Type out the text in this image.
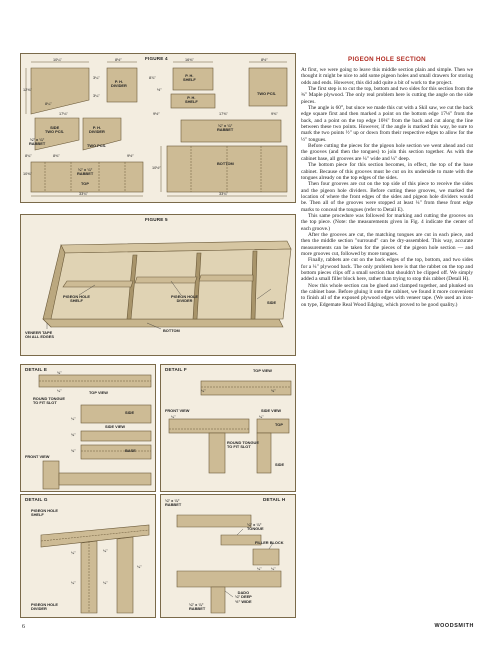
FIGURE 4
10¼"	8½"	16⅜"	8½"
12⅜"
3¼"
8¼"
3¼"
8⅞"
½"
17⅛"	9½"	17⅝"	9⅝"
8¾"	8⅜"	9½"
10⅜"
10½"
33¾"	33¾"
P. H.
DIVIDER
P. H.
SHELF
P. H.
SHELF
TWO PCS.
SIDE
TWO PCS.
P. H.
DIVIDER
TWO PCS.
¼" x ¼"
RABBET
¼" x ¼"
RABBET
¼" x ¼"
RABBET
TOP
BOTTOM
FIGURE 5
PIGEON HOLE
SHELF
PIGEON HOLE
DIVIDER	SIDE
BOTTOM
VENEER TAPE
ON ALL EDGES
DETAIL E
TOP VIEW
ROUND TONGUE
TO FIT SLOT
SIDE
SIDE VIEW
BASE
FRONT VIEW
¾"
¼"
¼"
¾"
¾"
DETAIL F	TOP VIEW
FRONT VIEW	SIDE VIEW
TOP
ROUND TONGUE
TO FIT SLOT
SIDE
¼"
¼"	¼"
¾"
DETAIL G
PIGEON HOLE
SHELF
PIGEON HOLE
DIVIDER
¼"	¼"
¼"	¼"
¼"
DETAIL H
¼" x ¼"
RABBET
¼" x ¼"
TONGUE
FILLER BLOCK
DADO
¼" DEEP
½" WIDE
¼" x ¼"
RABBET
¼" ¼"
PIGEON HOLE SECTION

At first, we were going to leave this middle section plain and simple. Then we thought it might be nice to add some pigeon holes and small drawers for storing odds and ends. However, this did add quite a bit of work to the project.

The first step is to cut the top, bottom and two sides for this section from the ¾" Maple plywood. The only real problem here is cutting the angle on the side pieces.

The angle is 60°, but since we made this cut with a Skil saw, we cut the back edge square first and then marked a point on the bottom edge 17⅛" from the back, and a point on the top edge 10⅜" from the back and cut along the line between these two points. However, if the angle is marked this way, be sure to mark the two points ½" up or down from their respective edges to allow for the ½" tongues.

Before cutting the pieces for the pigeon hole section we went ahead and cut the grooves (and then the tongues) to join this section together. As with the cabinet base, all grooves are ¼" wide and ¼" deep.

The bottom piece for this section becomes, in effect, the top of the base cabinet. Because of this grooves must be cut on its underside to mate with the tongues already on the top edges of the sides.

Then four grooves are cut on the top side of this piece to receive the sides and the pigeon hole dividers. Before cutting these grooves, we marked the location of where the front edges of the sides and pigeon hole dividers would be. Then all of the grooves were stopped at least ¼" from these front edge marks to conceal the tongues (refer to Detail E).

This same procedure was followed for marking and cutting the grooves on the top piece. (Note: the measurements given in Fig. 4 indicate the center of each groove.)

After the grooves are cut, the matching tongues are cut in each piece, and then the middle section "surround" can be dry-assembled. This way, accurate measurements can be taken for the pieces of the pigeon hole section — and more grooves cut, followed by more tongues.

Finally, rabbets are cut on the back edges of the top, bottom, and two sides for a ¼" plywood back. The only problem here is that the rabbet on the top and bottom pieces clips off a small section that shouldn't be clipped off. We simply added a small filler block here, rather than trying to stop this rabbet (Detail H).

Now this whole section can be glued and clamped together, and plunked on the cabinet base. Before gluing it onto the cabinet, we found it more convenient to finish all of the exposed plywood edges with veneer tape. (We used an iron-on type, Edgemate Real Wood Edging, which proved to be good quality.)

6	WOODSMITH
